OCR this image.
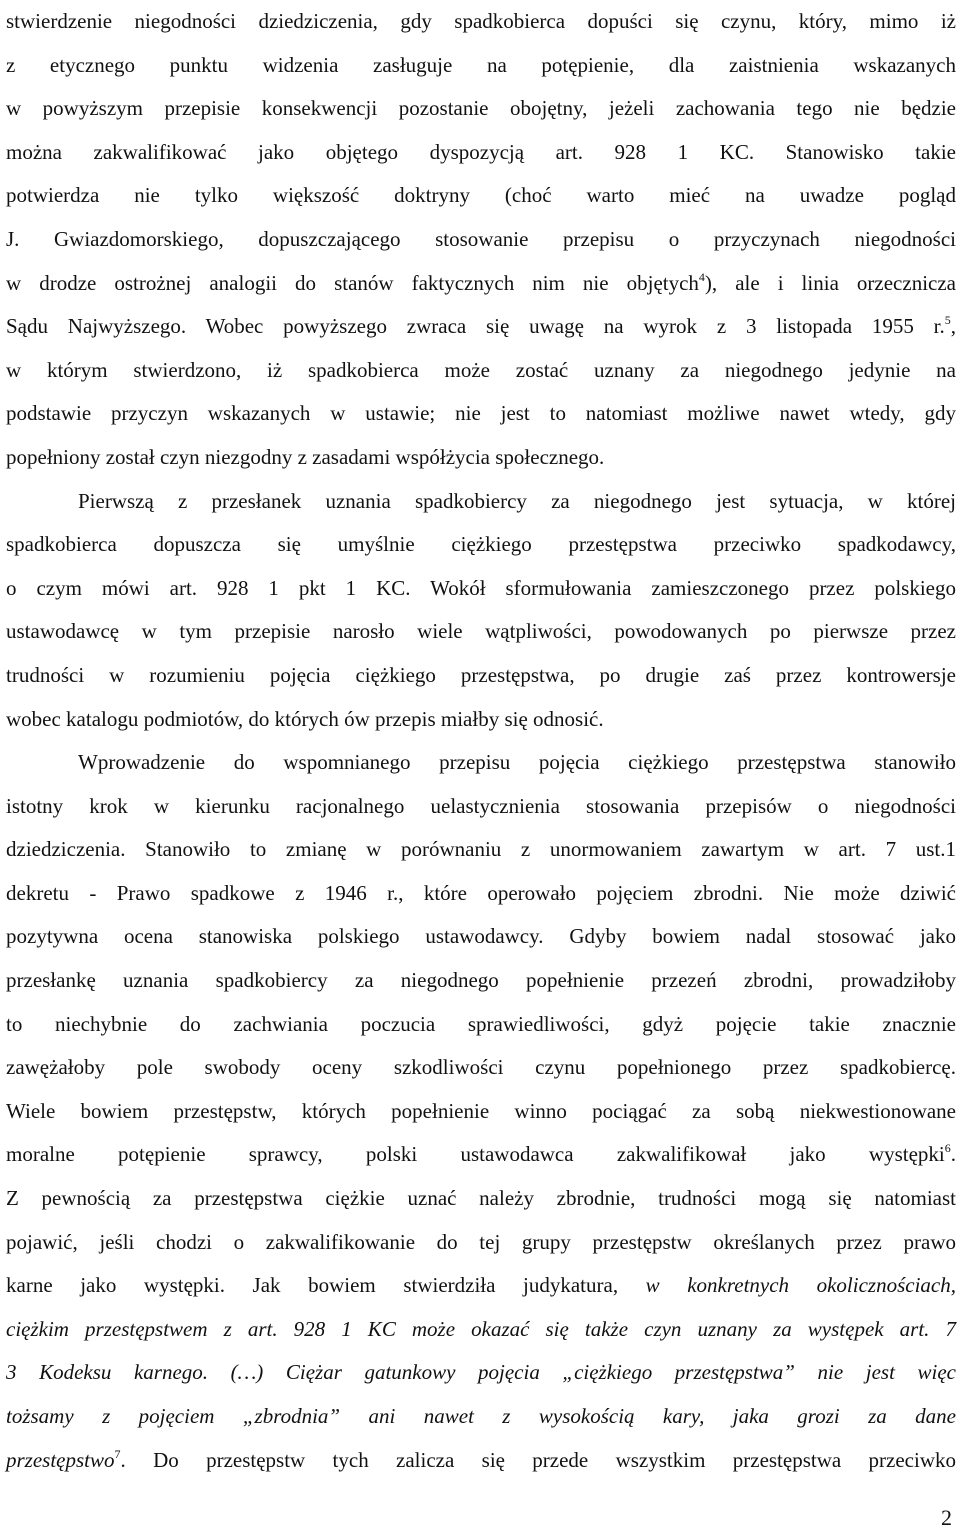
stwierdzenie niegodności dziedziczenia, gdy spadkobierca dopuści się czynu, który, mimo iż
z etycznego punktu widzenia zasługuje na potępienie, dla zaistnienia wskazanych
w powyższym przepisie konsekwencji pozostanie obojętny, jeżeli zachowania tego nie będzie
można zakwalifikować jako objętego dyspozycją art. 928 1 KC. Stanowisko takie
potwierdza nie tylko większość doktryny (choć warto mieć na uwadze pogląd
J. Gwiazdomorskiego, dopuszczającego stosowanie przepisu o przyczynach niegodności
w drodze ostrożnej analogii do stanów faktycznych nim nie objętych$^4$), ale i linia orzecznicza
Sądu Najwyższego. Wobec powyższego zwraca się uwagę na wyrok z 3 listopada 1955 r.$^5$,
w którym stwierdzono, iż spadkobierca może zostać uznany za niegodnego jedynie na
podstawie przyczyn wskazanych w ustawie; nie jest to natomiast możliwe nawet wtedy, gdy
popełniony został czyn niezgodny z zasadami współżycia społecznego.
Pierwszą z przesłanek uznania spadkobiercy za niegodnego jest sytuacja, w której
spadkobierca dopuszcza się umyślnie ciężkiego przestępstwa przeciwko spadkodawcy,
o czym mówi art. 928 1 pkt 1 KC. Wokół sformułowania zamieszczonego przez polskiego
ustawodawcę w tym przepisie narosło wiele wątpliwości, powodowanych po pierwsze przez
trudności w rozumieniu pojęcia ciężkiego przestępstwa, po drugie zaś przez kontrowersje
wobec katalogu podmiotów, do których ów przepis miałby się odnosić.
Wprowadzenie do wspomnianego przepisu pojęcia ciężkiego przestępstwa stanowiło
istotny krok w kierunku racjonalnego uelastycznienia stosowania przepisów o niegodności
dziedziczenia. Stanowiło to zmianę w porównaniu z unormowaniem zawartym w art. 7 ust.1
dekretu - Prawo spadkowe z 1946 r., które operowało pojęciem zbrodni. Nie może dziwić
pozytywna ocena stanowiska polskiego ustawodawcy. Gdyby bowiem nadal stosować jako
przesłankę uznania spadkobiercy za niegodnego popełnienie przezeń zbrodni, prowadziłoby
to niechybnie do zachwiania poczucia sprawiedliwości, gdyż pojęcie takie znacznie
zawężałoby pole swobody oceny szkodliwości czynu popełnionego przez spadkobiercę.
Wiele bowiem przestępstw, których popełnienie winno pociągać za sobą niekwestionowane
moralne potępienie sprawcy, polski ustawodawca zakwalifikował jako występki$^6$.
Z pewnością za przestępstwa ciężkie uznać należy zbrodnie, trudności mogą się natomiast
pojawić, jeśli chodzi o zakwalifikowanie do tej grupy przestępstw określanych przez prawo
karne jako występki. Jak bowiem stwierdziła judykatura, w konkretnych okolicznościach,
ciężkim przestępstwem z art. 928 1 KC może okazać się także czyn uznany za występek art. 7
3 Kodeksu karnego. (…) Ciężar gatunkowy pojęcia „ciężkiego przestępstwa” nie jest więc
tożsamy z pojęciem „zbrodnia” ani nawet z wysokością kary, jaka grozi za dane
przestępstwo$^7$. Do przestępstw tych zalicza się przede wszystkim przestępstwa przeciwko
2
